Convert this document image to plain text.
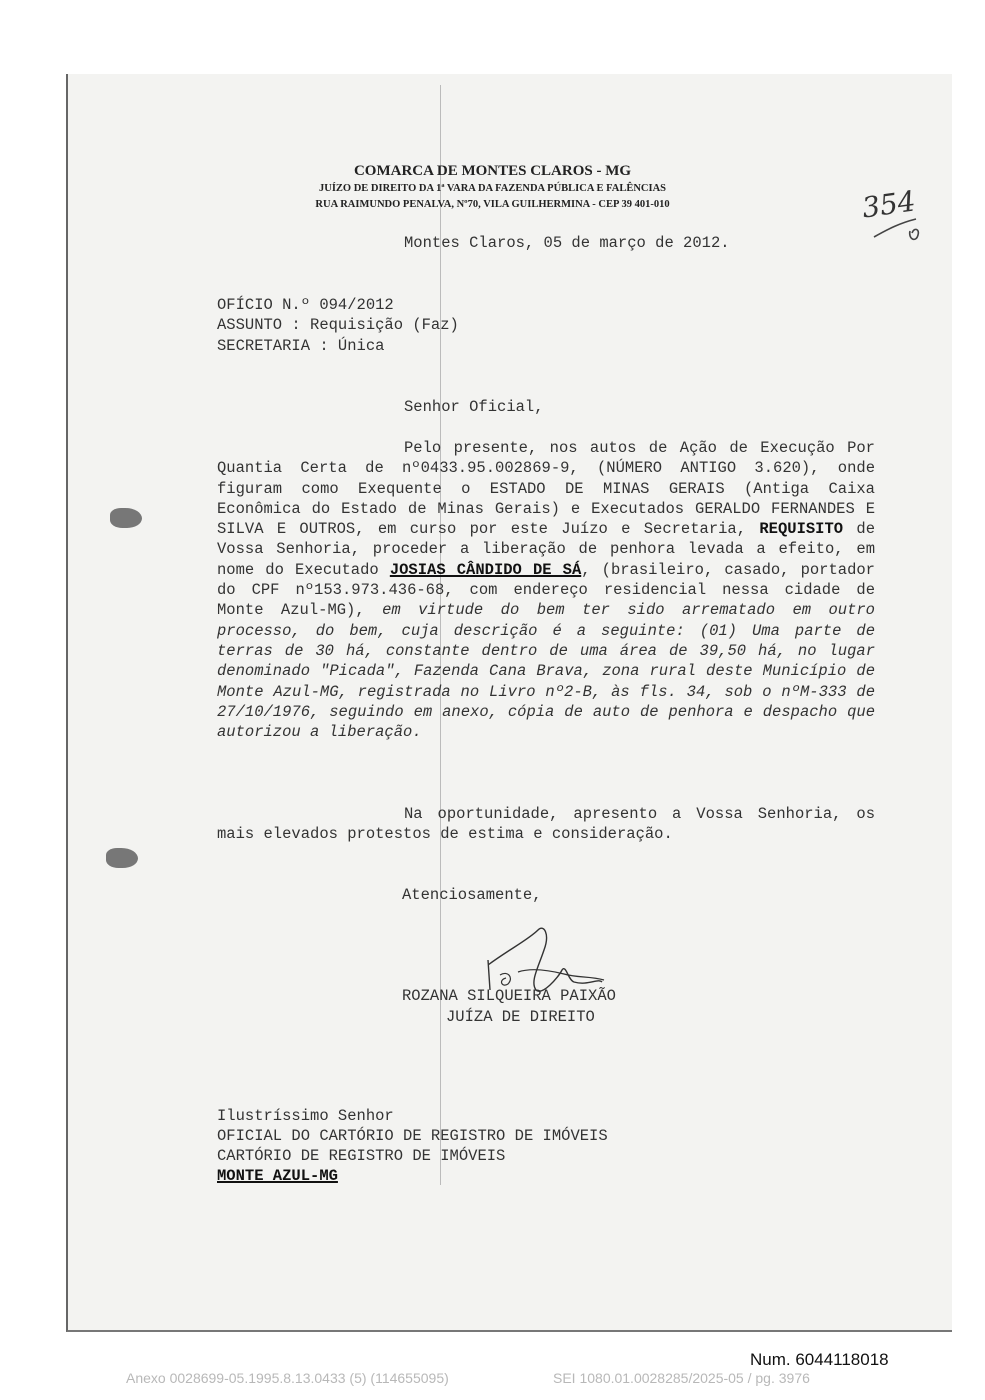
COMARCA DE MONTES CLAROS - MG
JUÍZO DE DIREITO DA 1ª VARA DA FAZENDA PÚBLICA E FALÊNCIAS
RUA RAIMUNDO PENALVA, Nº70, VILA GUILHERMINA - CEP 39 401-010	354
Montes Claros, 05 de março de 2012.
OFÍCIO N.º 094/2012
ASSUNTO : Requisição (Faz)
SECRETARIA : Única
Senhor Oficial,
Pelo presente, nos autos de Ação de Execução Por Quantia Certa de nº0433.95.002869-9, (NÚMERO ANTIGO 3.620), onde figuram como Exequente o ESTADO DE MINAS GERAIS (Antiga Caixa Econômica do Estado de Minas Gerais) e Executados GERALDO FERNANDES E SILVA E OUTROS, em curso por este Juízo e Secretaria, REQUISITO de Vossa Senhoria, proceder a liberação de penhora levada a efeito, em nome do Executado JOSIAS CÂNDIDO DE SÁ, (brasileiro, casado, portador do CPF nº153.973.436-68, com endereço residencial nessa cidade de Monte Azul-MG), em virtude do bem ter sido arrematado em outro processo, do bem, cuja descrição é a seguinte: (01) Uma parte de terras de 30 há, constante dentro de uma área de 39,50 há, no lugar denominado "Picada", Fazenda Cana Brava, zona rural deste Município de Monte Azul-MG, registrada no Livro nº2-B, às fls. 34, sob o nºM-333 de 27/10/1976, seguindo em anexo, cópia de auto de penhora e despacho que autorizou a liberação.
Na oportunidade, apresento a Vossa Senhoria, os mais elevados protestos de estima e consideração.
Atenciosamente,
ROZANA SILQUEIRA PAIXÃO
JUÍZA DE DIREITO
Ilustríssimo Senhor
OFICIAL DO CARTÓRIO DE REGISTRO DE IMÓVEIS
CARTÓRIO DE REGISTRO DE IMÓVEIS
MONTE AZUL-MG
Num. 6044118018
Anexo 0028699-05.1995.8.13.0433 (5) (114655095)	SEI 1080.01.0028285/2025-05 / pg. 3976
